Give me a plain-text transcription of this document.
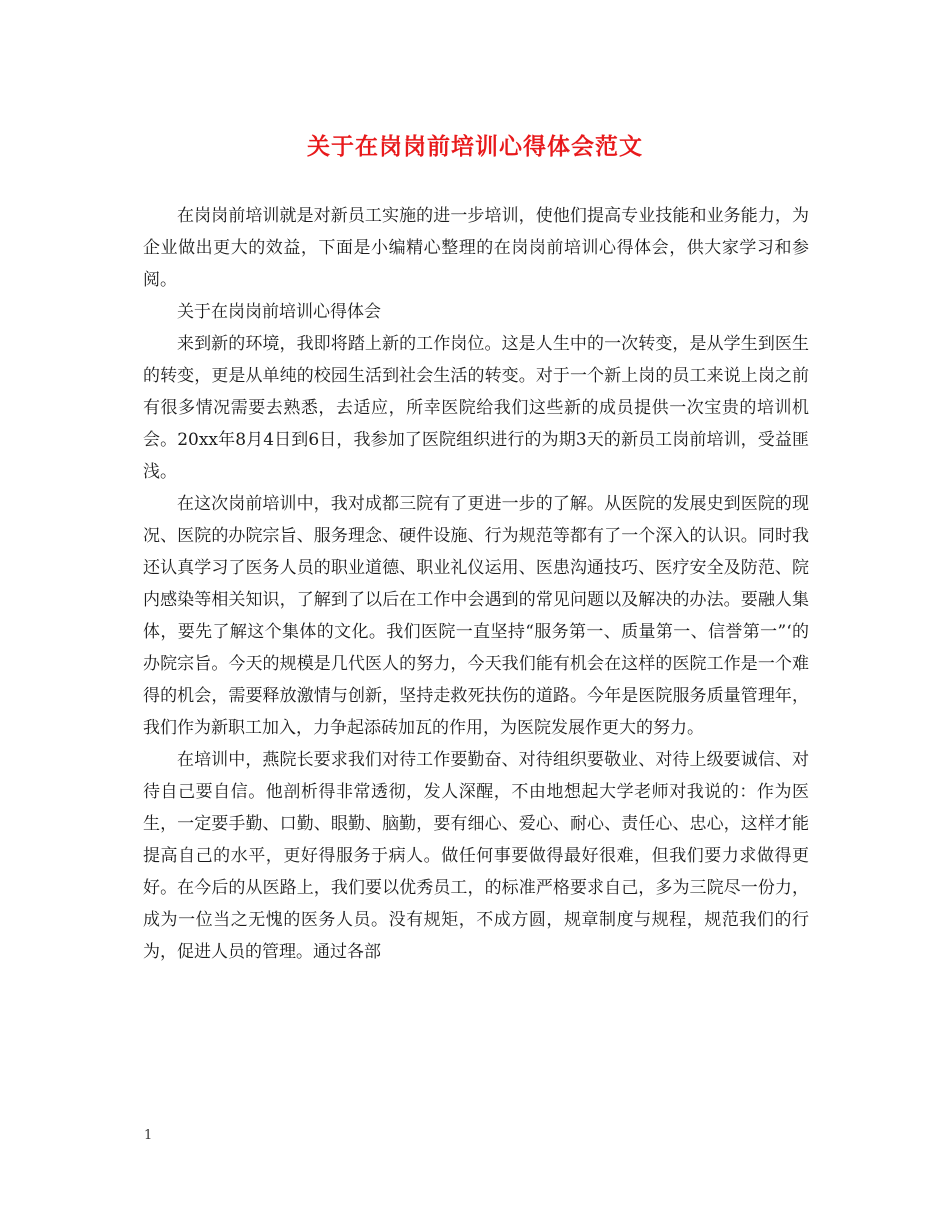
关于在岗岗前培训心得体会范文

在岗岗前培训就是对新员工实施的进一步培训，使他们提高专业技能和业务能力，为企业做出更大的效益，下面是小编精心整理的在岗岗前培训心得体会，供大家学习和参阅。

关于在岗岗前培训心得体会

来到新的环境，我即将踏上新的工作岗位。这是人生中的一次转变，是从学生到医生的转变，更是从单纯的校园生活到社会生活的转变。对于一个新上岗的员工来说上岗之前有很多情况需要去熟悉，去适应，所幸医院给我们这些新的成员提供一次宝贵的培训机会。20xx年8月4日到6日，我参加了医院组织进行的为期3天的新员工岗前培训，受益匪浅。

在这次岗前培训中，我对成都三院有了更进一步的了解。从医院的发展史到医院的现况、医院的办院宗旨、服务理念、硬件设施、行为规范等都有了一个深入的认识。同时我还认真学习了医务人员的职业道德、职业礼仪运用、医患沟通技巧、医疗安全及防范、院内感染等相关知识，了解到了以后在工作中会遇到的常见问题以及解决的办法。要融人集体，要先了解这个集体的文化。我们医院一直坚持“服务第一、质量第一、信誉第一”‘的办院宗旨。今天的规模是几代医人的努力，今天我们能有机会在这样的医院工作是一个难得的机会，需要释放激情与创新，坚持走救死扶伤的道路。今年是医院服务质量管理年，我们作为新职工加入，力争起添砖加瓦的作用，为医院发展作更大的努力。

在培训中，燕院长要求我们对待工作要勤奋、对待组织要敬业、对待上级要诚信、对待自己要自信。他剖析得非常透彻，发人深醒，不由地想起大学老师对我说的：作为医生，一定要手勤、口勤、眼勤、脑勤，要有细心、爱心、耐心、责任心、忠心，这样才能提高自己的水平，更好得服务于病人。做任何事要做得最好很难，但我们要力求做得更好。在今后的从医路上，我们要以优秀员工，的标准严格要求自己，多为三院尽一份力，成为一位当之无愧的医务人员。没有规矩，不成方圆，规章制度与规程，规范我们的行为，促进人员的管理。通过各部

1
